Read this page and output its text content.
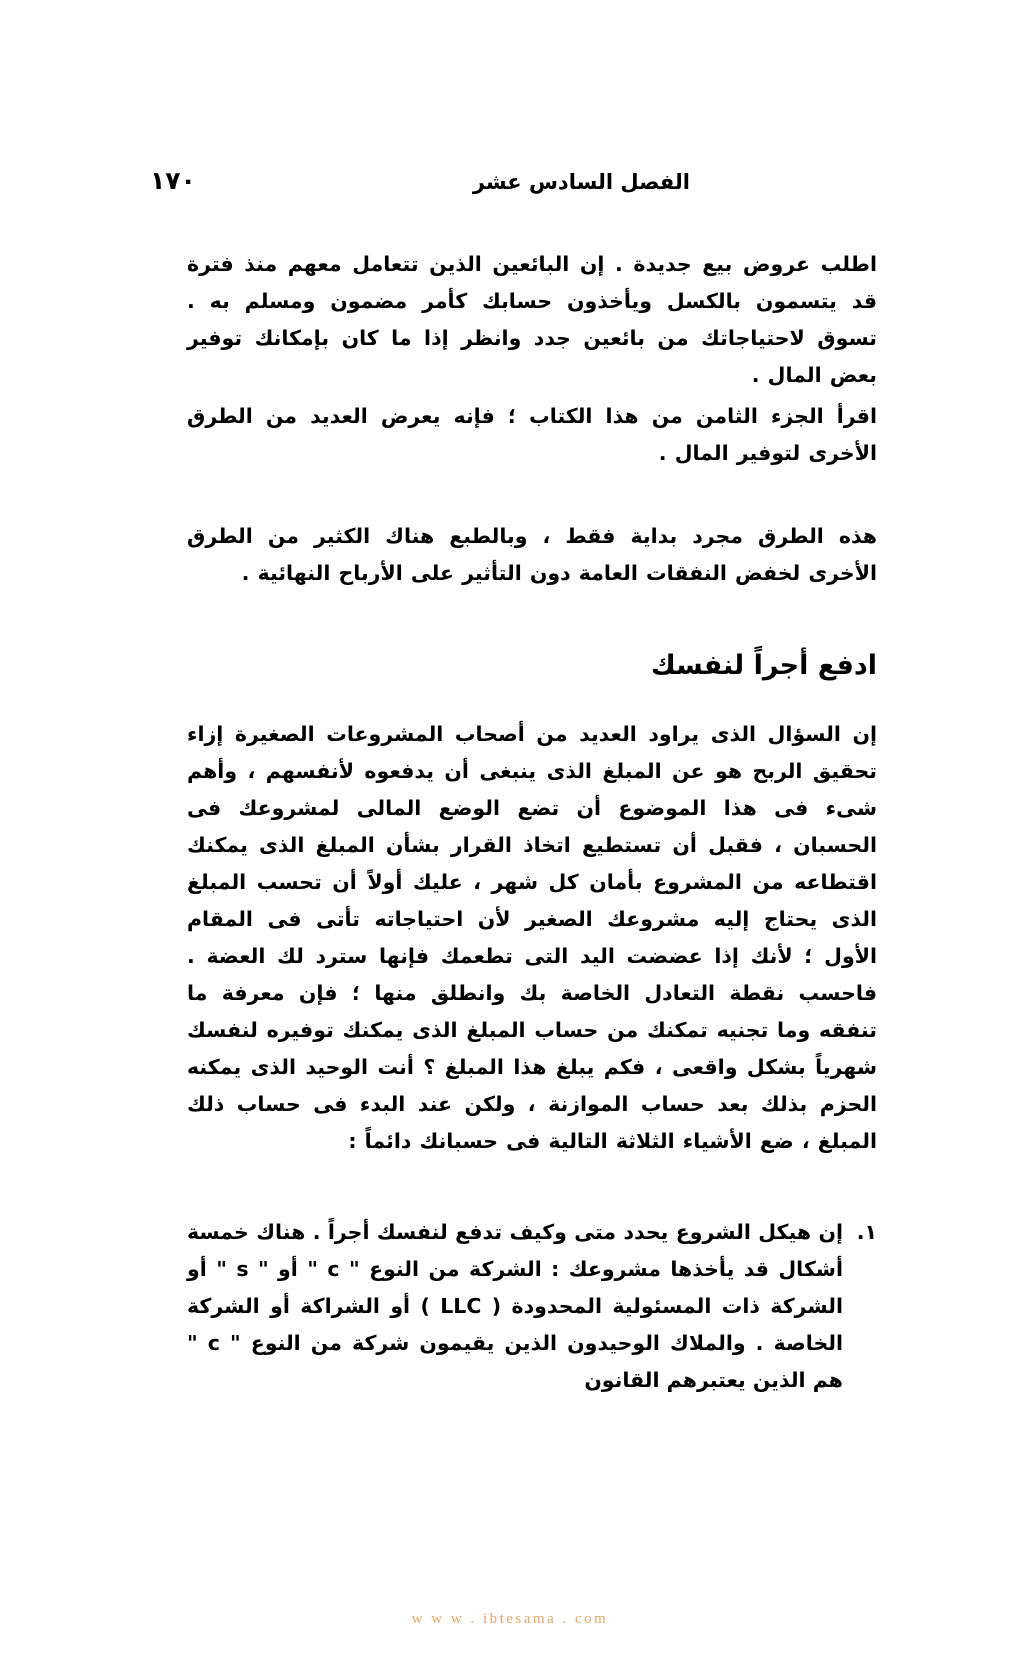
١٧٠	الفصل السادس عشر

اطلب عروض بيع جديدة . إن البائعين الذين تتعامل معهم منذ فترة قد يتسمون بالكسل ويأخذون حسابك كأمر مضمون ومسلم به . تسوق لاحتياجاتك من بائعين جدد وانظر إذا ما كان بإمكانك توفير بعض المال .

اقرأ الجزء الثامن من هذا الكتاب ؛ فإنه يعرض العديد من الطرق الأخرى لتوفير المال .

هذه الطرق مجرد بداية فقط ، وبالطبع هناك الكثير من الطرق الأخرى لخفض النفقات العامة دون التأثير على الأرباح النهائية .

ادفع أجراً لنفسك

إن السؤال الذى يراود العديد من أصحاب المشروعات الصغيرة إزاء تحقيق الربح هو عن المبلغ الذى ينبغى أن يدفعوه لأنفسهم ، وأهم شىء فى هذا الموضوع أن تضع الوضع المالى لمشروعك فى الحسبان ، فقبل أن تستطيع اتخاذ القرار بشأن المبلغ الذى يمكنك اقتطاعه من المشروع بأمان كل شهر ، عليك أولاً أن تحسب المبلغ الذى يحتاج إليه مشروعك الصغير لأن احتياجاته تأتى فى المقام الأول ؛ لأنك إذا عضضت اليد التى تطعمك فإنها سترد لك العضة . فاحسب نقطة التعادل الخاصة بك وانطلق منها ؛ فإن معرفة ما تنفقه وما تجنيه تمكنك من حساب المبلغ الذى يمكنك توفيره لنفسك شهرياً بشكل واقعى ، فكم يبلغ هذا المبلغ ؟ أنت الوحيد الذى يمكنه الحزم بذلك بعد حساب الموازنة ، ولكن عند البدء فى حساب ذلك المبلغ ، ضع الأشياء الثلاثة التالية فى حسبانك دائماً :

١.
إن هيكل الشروع يحدد متى وكيف تدفع لنفسك أجراً . هناك خمسة أشكال قد يأخذها مشروعك : الشركة من النوع " c " أو " s " أو الشركة ذات المسئولية المحدودة ( LLC ) أو الشراكة أو الشركة الخاصة . والملاك الوحيدون الذين يقيمون شركة من النوع " c " هم الذين يعتبرهم القانون
w w w . ibtesama . com
